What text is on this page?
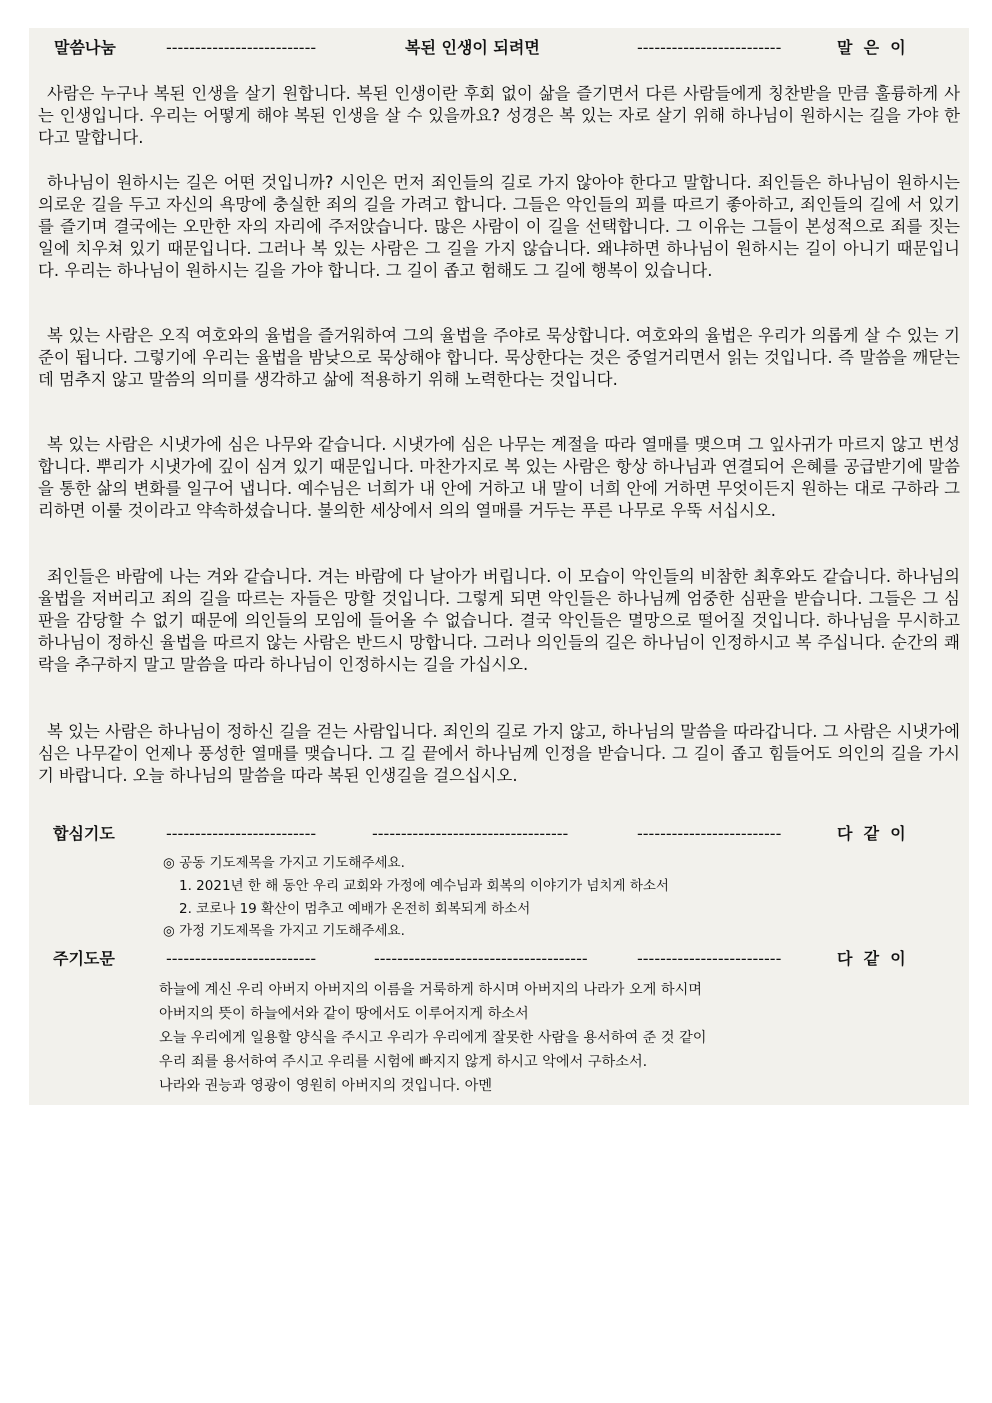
말씀나눔	--------------------------	복된 인생이 되려면	-------------------------	말  은  이

사람은 누구나 복된 인생을 살기 원합니다. 복된 인생이란 후회 없이 삶을 즐기면서 다른 사람들에게 칭찬받을 만큼 훌륭하게 사는 인생입니다. 우리는 어떻게 해야 복된 인생을 살 수 있을까요? 성경은 복 있는 자로 살기 위해 하나님이 원하시는 길을 가야 한다고 말합니다.

하나님이 원하시는 길은 어떤 것입니까? 시인은 먼저 죄인들의 길로 가지 않아야 한다고 말합니다. 죄인들은 하나님이 원하시는 의로운 길을 두고 자신의 욕망에 충실한 죄의 길을 가려고 합니다. 그들은 악인들의 꾀를 따르기 좋아하고, 죄인들의 길에 서 있기를 즐기며 결국에는 오만한 자의 자리에 주저앉습니다. 많은 사람이 이 길을 선택합니다. 그 이유는 그들이 본성적으로 죄를 짓는 일에 치우쳐 있기 때문입니다. 그러나 복 있는 사람은 그 길을 가지 않습니다. 왜냐하면 하나님이 원하시는 길이 아니기 때문입니다. 우리는 하나님이 원하시는 길을 가야 합니다. 그 길이 좁고 험해도 그 길에 행복이 있습니다.

복 있는 사람은 오직 여호와의 율법을 즐거워하여 그의 율법을 주야로 묵상합니다. 여호와의 율법은 우리가 의롭게 살 수 있는 기준이 됩니다. 그렇기에 우리는 율법을 밤낮으로 묵상해야 합니다. 묵상한다는 것은 중얼거리면서 읽는 것입니다. 즉 말씀을 깨닫는 데 멈추지 않고 말씀의 의미를 생각하고 삶에 적용하기 위해 노력한다는 것입니다.

복 있는 사람은 시냇가에 심은 나무와 같습니다. 시냇가에 심은 나무는 계절을 따라 열매를 맺으며 그 잎사귀가 마르지 않고 번성합니다. 뿌리가 시냇가에 깊이 심겨 있기 때문입니다. 마찬가지로 복 있는 사람은 항상 하나님과 연결되어 은혜를 공급받기에 말씀을 통한 삶의 변화를 일구어 냅니다. 예수님은 너희가 내 안에 거하고 내 말이 너희 안에 거하면 무엇이든지 원하는 대로 구하라 그리하면 이룰 것이라고 약속하셨습니다. 불의한 세상에서 의의 열매를 거두는 푸른 나무로 우뚝 서십시오.

죄인들은 바람에 나는 겨와 같습니다. 겨는 바람에 다 날아가 버립니다. 이 모습이 악인들의 비참한 최후와도 같습니다. 하나님의 율법을 저버리고 죄의 길을 따르는 자들은 망할 것입니다. 그렇게 되면 악인들은 하나님께 엄중한 심판을 받습니다. 그들은 그 심판을 감당할 수 없기 때문에 의인들의 모임에 들어올 수 없습니다. 결국 악인들은 멸망으로 떨어질 것입니다. 하나님을 무시하고 하나님이 정하신 율법을 따르지 않는 사람은 반드시 망합니다. 그러나 의인들의 길은 하나님이 인정하시고 복 주십니다. 순간의 쾌락을 추구하지 말고 말씀을 따라 하나님이 인정하시는 길을 가십시오.

복 있는 사람은 하나님이 정하신 길을 걷는 사람입니다. 죄인의 길로 가지 않고, 하나님의 말씀을 따라갑니다. 그 사람은 시냇가에 심은 나무같이 언제나 풍성한 열매를 맺습니다. 그 길 끝에서 하나님께 인정을 받습니다. 그 길이 좁고 힘들어도 의인의 길을 가시기 바랍니다. 오늘 하나님의 말씀을 따라 복된 인생길을 걸으십시오.

합심기도	--------------------------	----------------------------------	-------------------------	다  같  이
◎ 공동 기도제목을 가지고 기도해주세요.
1. 2021년 한 해 동안 우리 교회와 가정에 예수님과 회복의 이야기가 넘치게 하소서
2. 코로나 19 확산이 멈추고 예배가 온전히 회복되게 하소서
◎ 가정 기도제목을 가지고 기도해주세요.
주기도문	--------------------------	-------------------------------------	-------------------------	다  같  이
하늘에 계신 우리 아버지 아버지의 이름을 거룩하게 하시며 아버지의 나라가 오게 하시며
아버지의 뜻이 하늘에서와 같이 땅에서도 이루어지게 하소서
오늘 우리에게 일용할 양식을 주시고 우리가 우리에게 잘못한 사람을 용서하여 준 것 같이
우리 죄를 용서하여 주시고 우리를 시험에 빠지지 않게 하시고 악에서 구하소서.
나라와 권능과 영광이 영원히 아버지의 것입니다. 아멘
